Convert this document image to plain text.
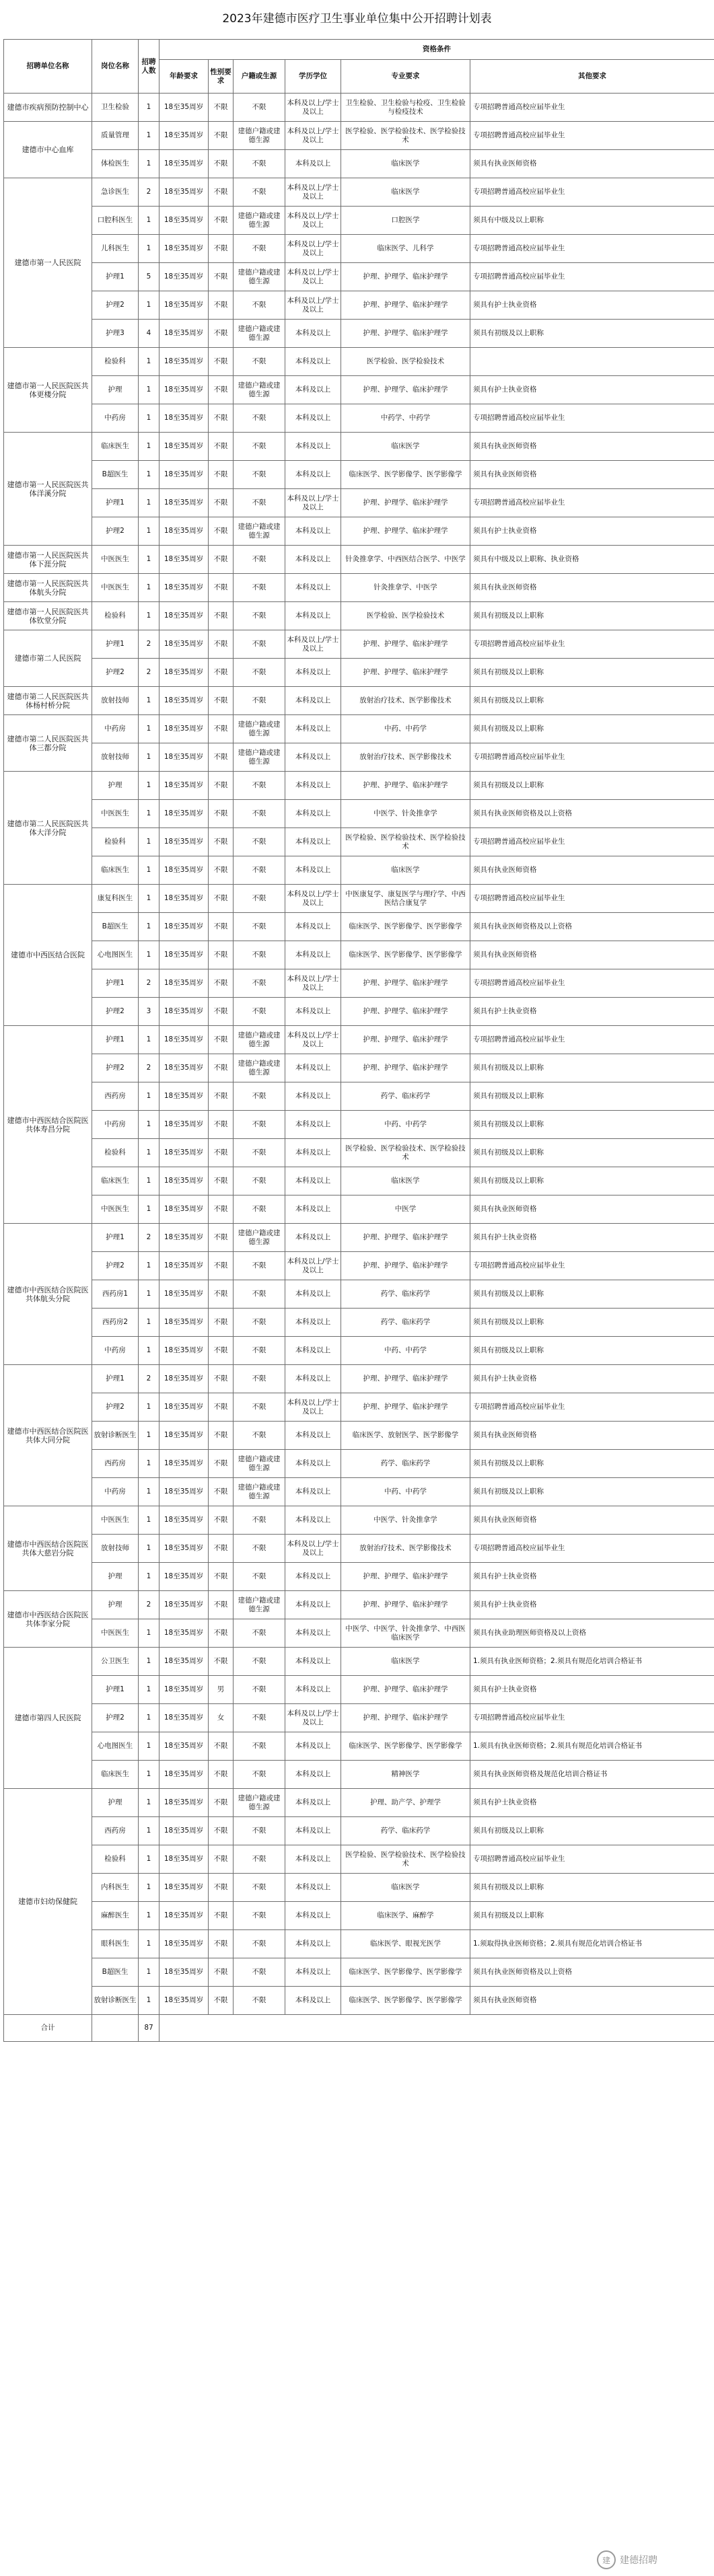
2023年建德市医疗卫生事业单位集中公开招聘计划表
招聘单位名称	岗位名称	招聘人数	资格条件					
			年龄要求	性别要求	户籍或生源	学历学位	专业要求	其他要求
建德市疾病预防控制中心	卫生检验	1	18至35周岁	不限	不限	本科及以上/学士及以上	卫生检验、卫生检验与检疫、卫生检验与检疫技术	专项招聘普通高校应届毕业生
建德市中心血库	质量管理	1	18至35周岁	不限	建德户籍或建德生源	本科及以上/学士及以上	医学检验、医学检验技术、医学检验技术	专项招聘普通高校应届毕业生
	体检医生	1	18至35周岁	不限	不限	本科及以上	临床医学	须具有执业医师资格
建德市第一人民医院	急诊医生	2	18至35周岁	不限	不限	本科及以上/学士及以上	临床医学	专项招聘普通高校应届毕业生
	口腔科医生	1	18至35周岁	不限	建德户籍或建德生源	本科及以上/学士及以上	口腔医学	须具有中级及以上职称
	儿科医生	1	18至35周岁	不限	不限	本科及以上/学士及以上	临床医学、儿科学	专项招聘普通高校应届毕业生
	护理1	5	18至35周岁	不限	建德户籍或建德生源	本科及以上/学士及以上	护理、护理学、临床护理学	专项招聘普通高校应届毕业生
	护理2	1	18至35周岁	不限	不限	本科及以上/学士及以上	护理、护理学、临床护理学	须具有护士执业资格
	护理3	4	18至35周岁	不限	建德户籍或建德生源	本科及以上	护理、护理学、临床护理学	须具有初级及以上职称
建德市第一人民医院医共体更楼分院	检验科	1	18至35周岁	不限	不限	本科及以上	医学检验、医学检验技术	
	护理	1	18至35周岁	不限	建德户籍或建德生源	本科及以上	护理、护理学、临床护理学	须具有护士执业资格
	中药房	1	18至35周岁	不限	不限	本科及以上	中药学、中药学	专项招聘普通高校应届毕业生
建德市第一人民医院医共体洋溪分院	临床医生	1	18至35周岁	不限	不限	本科及以上	临床医学	须具有执业医师资格
	B超医生	1	18至35周岁	不限	不限	本科及以上	临床医学、医学影像学、医学影像学	须具有执业医师资格
	护理1	1	18至35周岁	不限	不限	本科及以上/学士及以上	护理、护理学、临床护理学	专项招聘普通高校应届毕业生
	护理2	1	18至35周岁	不限	建德户籍或建德生源	本科及以上	护理、护理学、临床护理学	须具有护士执业资格
建德市第一人民医院医共体下涯分院	中医医生	1	18至35周岁	不限	不限	本科及以上	针灸推拿学、中西医结合医学、中医学	须具有中级及以上职称、执业资格
建德市第一人民医院医共体航头分院	中医医生	1	18至35周岁	不限	不限	本科及以上	针灸推拿学、中医学	须具有执业医师资格
建德市第一人民医院医共体钦堂分院	检验科	1	18至35周岁	不限	不限	本科及以上	医学检验、医学检验技术	须具有初级及以上职称
建德市第二人民医院	护理1	2	18至35周岁	不限	不限	本科及以上/学士及以上	护理、护理学、临床护理学	专项招聘普通高校应届毕业生
	护理2	2	18至35周岁	不限	不限	本科及以上	护理、护理学、临床护理学	须具有初级及以上职称
建德市第二人民医院医共体杨村桥分院	放射技师	1	18至35周岁	不限	不限	本科及以上	放射治疗技术、医学影像技术	须具有初级及以上职称
建德市第二人民医院医共体三都分院	中药房	1	18至35周岁	不限	建德户籍或建德生源	本科及以上	中药、中药学	须具有初级及以上职称
	放射技师	1	18至35周岁	不限	建德户籍或建德生源	本科及以上	放射治疗技术、医学影像技术	专项招聘普通高校应届毕业生
建德市第二人民医院医共体大洋分院	护理	1	18至35周岁	不限	不限	本科及以上	护理、护理学、临床护理学	须具有初级及以上职称
	中医医生	1	18至35周岁	不限	不限	本科及以上	中医学、针灸推拿学	须具有执业医师资格及以上资格
	检验科	1	18至35周岁	不限	不限	本科及以上	医学检验、医学检验技术、医学检验技术	专项招聘普通高校应届毕业生
	临床医生	1	18至35周岁	不限	不限	本科及以上	临床医学	须具有执业医师资格
建德市中西医结合医院	康复科医生	1	18至35周岁	不限	不限	本科及以上/学士及以上	中医康复学、康复医学与理疗学、中西医结合康复学	专项招聘普通高校应届毕业生
	B超医生	1	18至35周岁	不限	不限	本科及以上	临床医学、医学影像学、医学影像学	须具有执业医师资格及以上资格
	心电图医生	1	18至35周岁	不限	不限	本科及以上	临床医学、医学影像学、医学影像学	须具有执业医师资格
	护理1	2	18至35周岁	不限	不限	本科及以上/学士及以上	护理、护理学、临床护理学	专项招聘普通高校应届毕业生
	护理2	3	18至35周岁	不限	不限	本科及以上	护理、护理学、临床护理学	须具有护士执业资格
建德市中西医结合医院医共体寿昌分院	护理1	1	18至35周岁	不限	建德户籍或建德生源	本科及以上/学士及以上	护理、护理学、临床护理学	专项招聘普通高校应届毕业生
	护理2	2	18至35周岁	不限	建德户籍或建德生源	本科及以上	护理、护理学、临床护理学	须具有初级及以上职称
	西药房	1	18至35周岁	不限	不限	本科及以上	药学、临床药学	须具有初级及以上职称
	中药房	1	18至35周岁	不限	不限	本科及以上	中药、中药学	须具有初级及以上职称
	检验科	1	18至35周岁	不限	不限	本科及以上	医学检验、医学检验技术、医学检验技术	须具有初级及以上职称
	临床医生	1	18至35周岁	不限	不限	本科及以上	临床医学	须具有初级及以上职称
	中医医生	1	18至35周岁	不限	不限	本科及以上	中医学	须具有执业医师资格
建德市中西医结合医院医共体航头分院	护理1	2	18至35周岁	不限	建德户籍或建德生源	本科及以上	护理、护理学、临床护理学	须具有护士执业资格
	护理2	1	18至35周岁	不限	不限	本科及以上/学士及以上	护理、护理学、临床护理学	专项招聘普通高校应届毕业生
	西药房1	1	18至35周岁	不限	不限	本科及以上	药学、临床药学	须具有初级及以上职称
	西药房2	1	18至35周岁	不限	不限	本科及以上	药学、临床药学	须具有初级及以上职称
	中药房	1	18至35周岁	不限	不限	本科及以上	中药、中药学	须具有初级及以上职称
建德市中西医结合医院医共体大同分院	护理1	2	18至35周岁	不限	不限	本科及以上	护理、护理学、临床护理学	须具有护士执业资格
	护理2	1	18至35周岁	不限	不限	本科及以上/学士及以上	护理、护理学、临床护理学	专项招聘普通高校应届毕业生
	放射诊断医生	1	18至35周岁	不限	不限	本科及以上	临床医学、放射医学、医学影像学	须具有执业医师资格
	西药房	1	18至35周岁	不限	建德户籍或建德生源	本科及以上	药学、临床药学	须具有初级及以上职称
	中药房	1	18至35周岁	不限	建德户籍或建德生源	本科及以上	中药、中药学	须具有初级及以上职称
建德市中西医结合医院医共体大慈岩分院	中医医生	1	18至35周岁	不限	不限	本科及以上	中医学、针灸推拿学	须具有执业医师资格
	放射技师	1	18至35周岁	不限	不限	本科及以上/学士及以上	放射治疗技术、医学影像技术	专项招聘普通高校应届毕业生
	护理	1	18至35周岁	不限	不限	本科及以上	护理、护理学、临床护理学	须具有护士执业资格
建德市中西医结合医院医共体李家分院	护理	2	18至35周岁	不限	建德户籍或建德生源	本科及以上	护理、护理学、临床护理学	须具有护士执业资格
	中医医生	1	18至35周岁	不限	不限	本科及以上	中医学、中医学、针灸推拿学、中西医临床医学	须具有执业助理医师资格及以上资格
建德市第四人民医院	公卫医生	1	18至35周岁	不限	不限	本科及以上	临床医学	1.须具有执业医师资格；2.须具有规范化培训合格证书
	护理1	1	18至35周岁	男	不限	本科及以上	护理、护理学、临床护理学	须具有护士执业资格
	护理2	1	18至35周岁	女	不限	本科及以上/学士及以上	护理、护理学、临床护理学	专项招聘普通高校应届毕业生
	心电图医生	1	18至35周岁	不限	不限	本科及以上	临床医学、医学影像学、医学影像学	1.须具有执业医师资格；2.须具有规范化培训合格证书
	临床医生	1	18至35周岁	不限	不限	本科及以上	精神医学	须具有执业医师资格及规范化培训合格证书
建德市妇幼保健院	护理	1	18至35周岁	不限	建德户籍或建德生源	本科及以上	护理、助产学、护理学	须具有护士执业资格
	西药房	1	18至35周岁	不限	不限	本科及以上	药学、临床药学	须具有初级及以上职称
	检验科	1	18至35周岁	不限	不限	本科及以上	医学检验、医学检验技术、医学检验技术	专项招聘普通高校应届毕业生
	内科医生	1	18至35周岁	不限	不限	本科及以上	临床医学	须具有初级及以上职称
	麻醉医生	1	18至35周岁	不限	不限	本科及以上	临床医学、麻醉学	须具有初级及以上职称
	眼科医生	1	18至35周岁	不限	不限	本科及以上	临床医学、眼视光医学	1.须取得执业医师资格；2.须具有规范化培训合格证书
	B超医生	1	18至35周岁	不限	不限	本科及以上	临床医学、医学影像学、医学影像学	须具有执业医师资格及以上资格
	放射诊断医生	1	18至35周岁	不限	不限	本科及以上	临床医学、医学影像学、医学影像学	须具有执业医师资格
合计		87						
建	建德招聘
